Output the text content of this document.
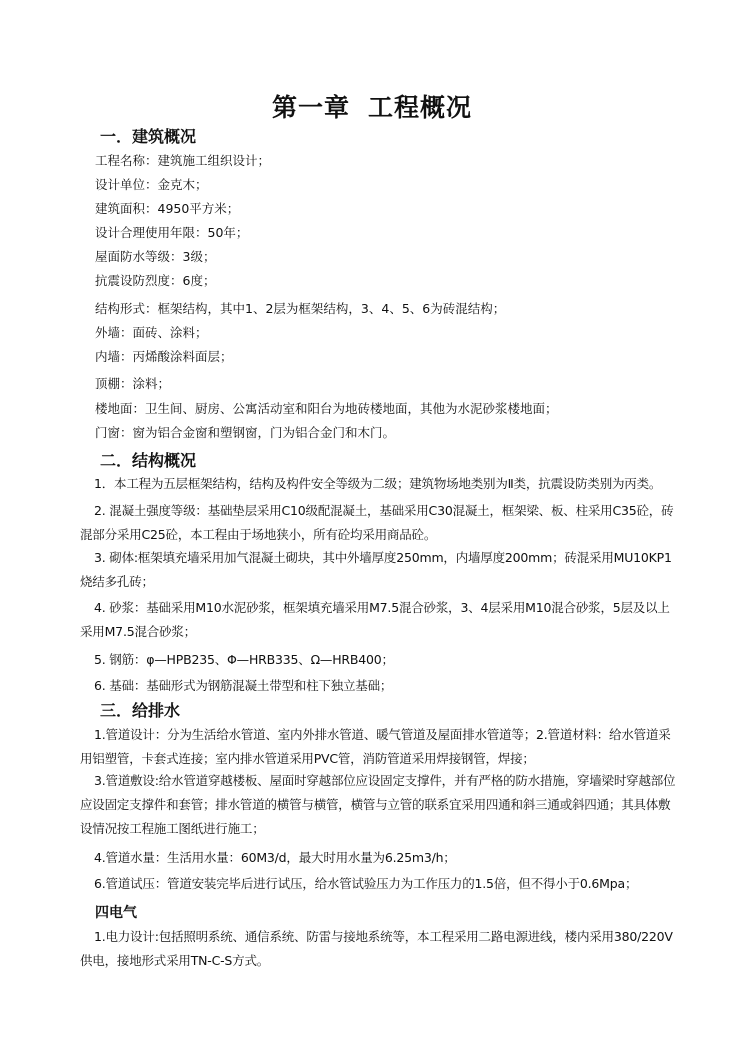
第一章 工程概况
一．建筑概况

工程名称：建筑施工组织设计；

设计单位：金克木；

建筑面积：4950平方米；

设计合理使用年限：50年；

屋面防水等级：3级；

抗震设防烈度：6度；

结构形式：框架结构，其中1、2层为框架结构，3、4、5、6为砖混结构；

外墙：面砖、涂料；

内墙：丙烯酸涂料面层；

顶棚：涂料；

楼地面：卫生间、厨房、公寓活动室和阳台为地砖楼地面，其他为水泥砂浆楼地面；

门窗：窗为铝合金窗和塑钢窗，门为铝合金门和木门。

二．结构概况

1．本工程为五层框架结构，结构及构件安全等级为二级；建筑物场地类别为Ⅱ类，抗震设防类别为丙类。

2. 混凝土强度等级：基础垫层采用C10级配混凝土，基础采用C30混凝土，框架梁、板、柱采用C35砼，砖混部分采用C25砼，本工程由于场地狭小，所有砼均采用商品砼。

3. 砌体:框架填充墙采用加气混凝土砌块，其中外墙厚度250mm，内墙厚度200mm；砖混采用MU10KP1烧结多孔砖；

4. 砂浆：基础采用M10水泥砂浆，框架填充墙采用M7.5混合砂浆，3、4层采用M10混合砂浆，5层及以上采用M7.5混合砂浆；

5. 钢筋：φ—HPB235、Φ—HRB335、Ω—HRB400；

6. 基础：基础形式为钢筋混凝土带型和柱下独立基础；

三．给排水

1.管道设计：分为生活给水管道、室内外排水管道、暖气管道及屋面排水管道等；2.管道材料：给水管道采用铝塑管，卡套式连接；室内排水管道采用PVC管，消防管道采用焊接钢管，焊接；

3.管道敷设:给水管道穿越楼板、屋面时穿越部位应设固定支撑件，并有严格的防水措施，穿墙梁时穿越部位应设固定支撑件和套管；排水管道的横管与横管，横管与立管的联系宜采用四通和斜三通或斜四通；其具体敷设情况按工程施工图纸进行施工；

4.管道水量：生活用水量：60M3/d，最大时用水量为6.25m3/h；

6.管道试压：管道安装完毕后进行试压，给水管试验压力为工作压力的1.5倍，但不得小于0.6Mpa；

四电气

1.电力设计:包括照明系统、通信系统、防雷与接地系统等，本工程采用二路电源进线，楼内采用380/220V供电，接地形式采用TN-C-S方式。
